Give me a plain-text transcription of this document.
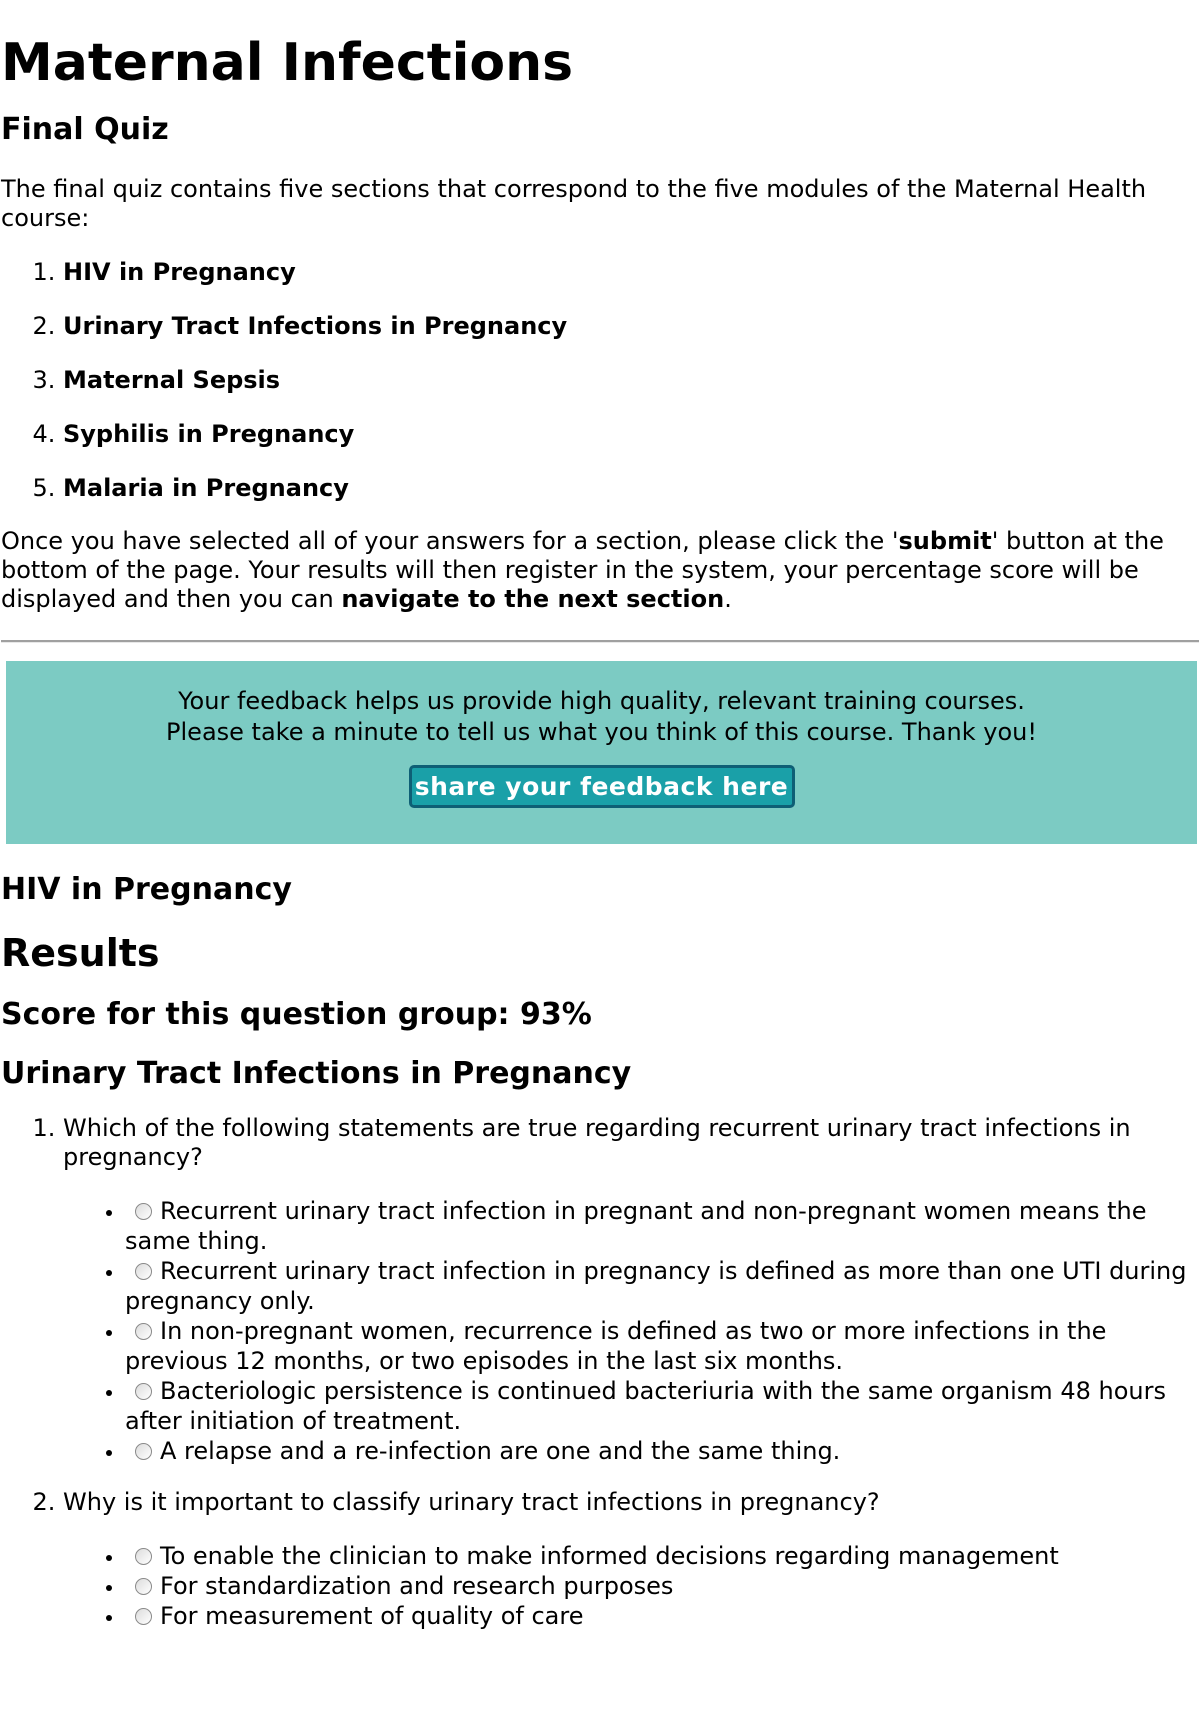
Maternal Infections
Final Quiz

The final quiz contains five sections that correspond to the five modules of the Maternal Health course:

1. HIV in Pregnancy
2. Urinary Tract Infections in Pregnancy
3. Maternal Sepsis
4. Syphilis in Pregnancy
5. Malaria in Pregnancy

Once you have selected all of your answers for a section, please click the 'submit' button at the bottom of the page. Your results will then register in the system, your percentage score will be displayed and then you can navigate to the next section.

Your feedback helps us provide high quality, relevant training courses.

Please take a minute to tell us what you think of this course. Thank you!

share your feedback here
HIV in Pregnancy
Results
Score for this question group: 93%
Urinary Tract Infections in Pregnancy
1. Which of the following statements are true regarding recurrent urinary tract infections in pregnancy?
• Recurrent urinary tract infection in pregnant and non-pregnant women means the same thing.
• Recurrent urinary tract infection in pregnancy is defined as more than one UTI during pregnancy only.
• In non-pregnant women, recurrence is defined as two or more infections in the previous 12 months, or two episodes in the last six months.
• Bacteriologic persistence is continued bacteriuria with the same organism 48 hours after initiation of treatment.
• A relapse and a re-infection are one and the same thing.
2. Why is it important to classify urinary tract infections in pregnancy?
• To enable the clinician to make informed decisions regarding management
• For standardization and research purposes
• For measurement of quality of care
